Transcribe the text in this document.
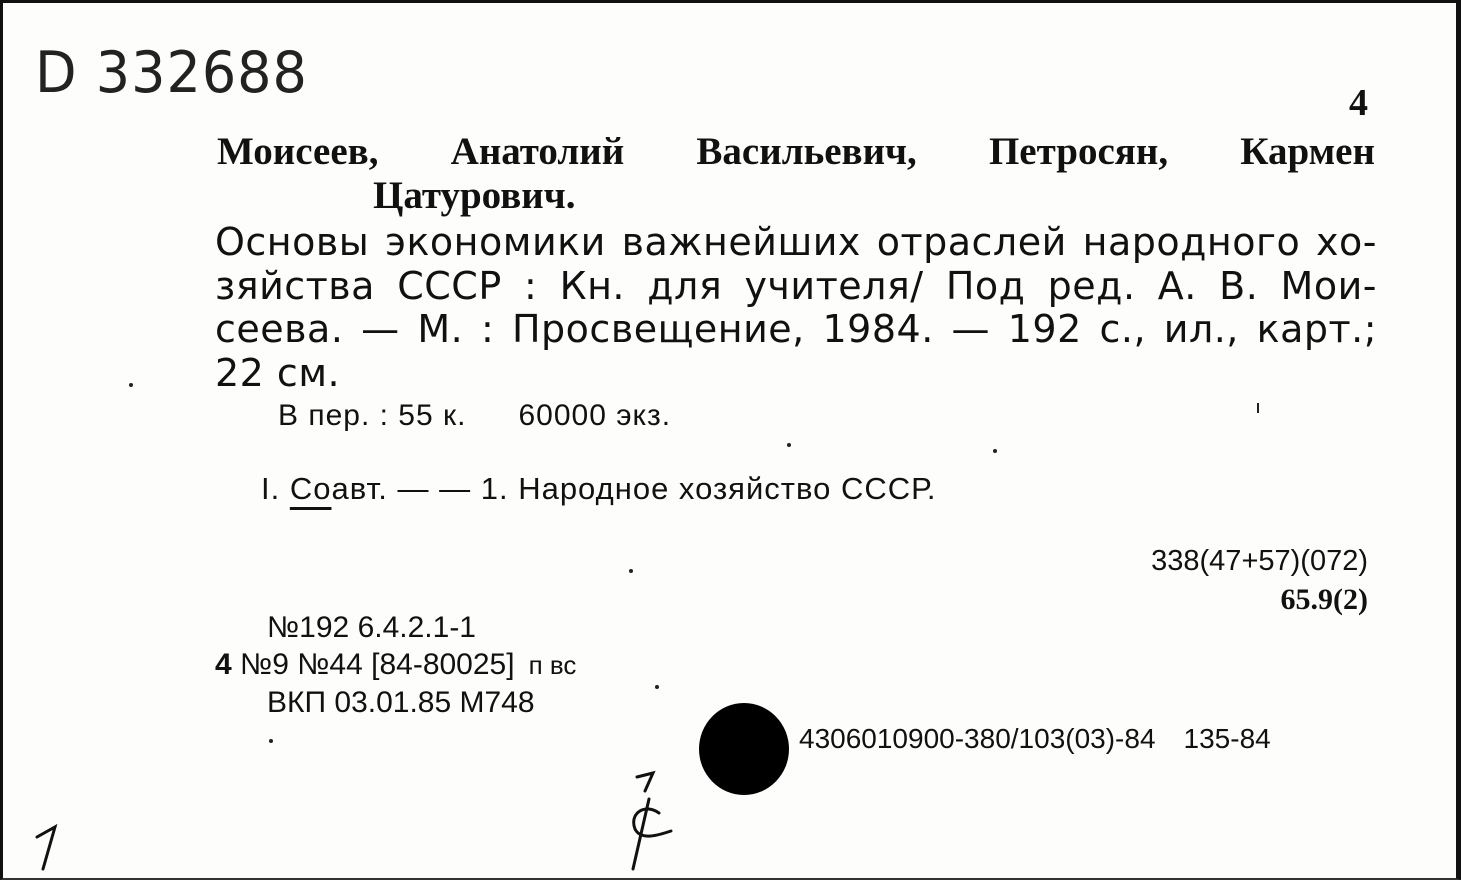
D 332688	4
Моисеев, Анатолий Васильевич, Петросян, Кармен
Цатурович.
Основы экономики важнейших отраслей народного хо-
зяйства СССР : Кн. для учителя/ Под ред. А. В. Мои-
сеева. — М. : Просвещение, 1984. — 192 с., ил., карт.;
22 см.
В пер. : 55 к. 60000 экз.
I. Соавт. — — 1. Народное хозяйство СССР.
338(47+57)(072)
65.9(2)
№192 6.4.2.1-1
4 №9 №44 [84-80025] п вс
ВКП 03.01.85 М748
4306010900-380/103(03)-84 135-84
